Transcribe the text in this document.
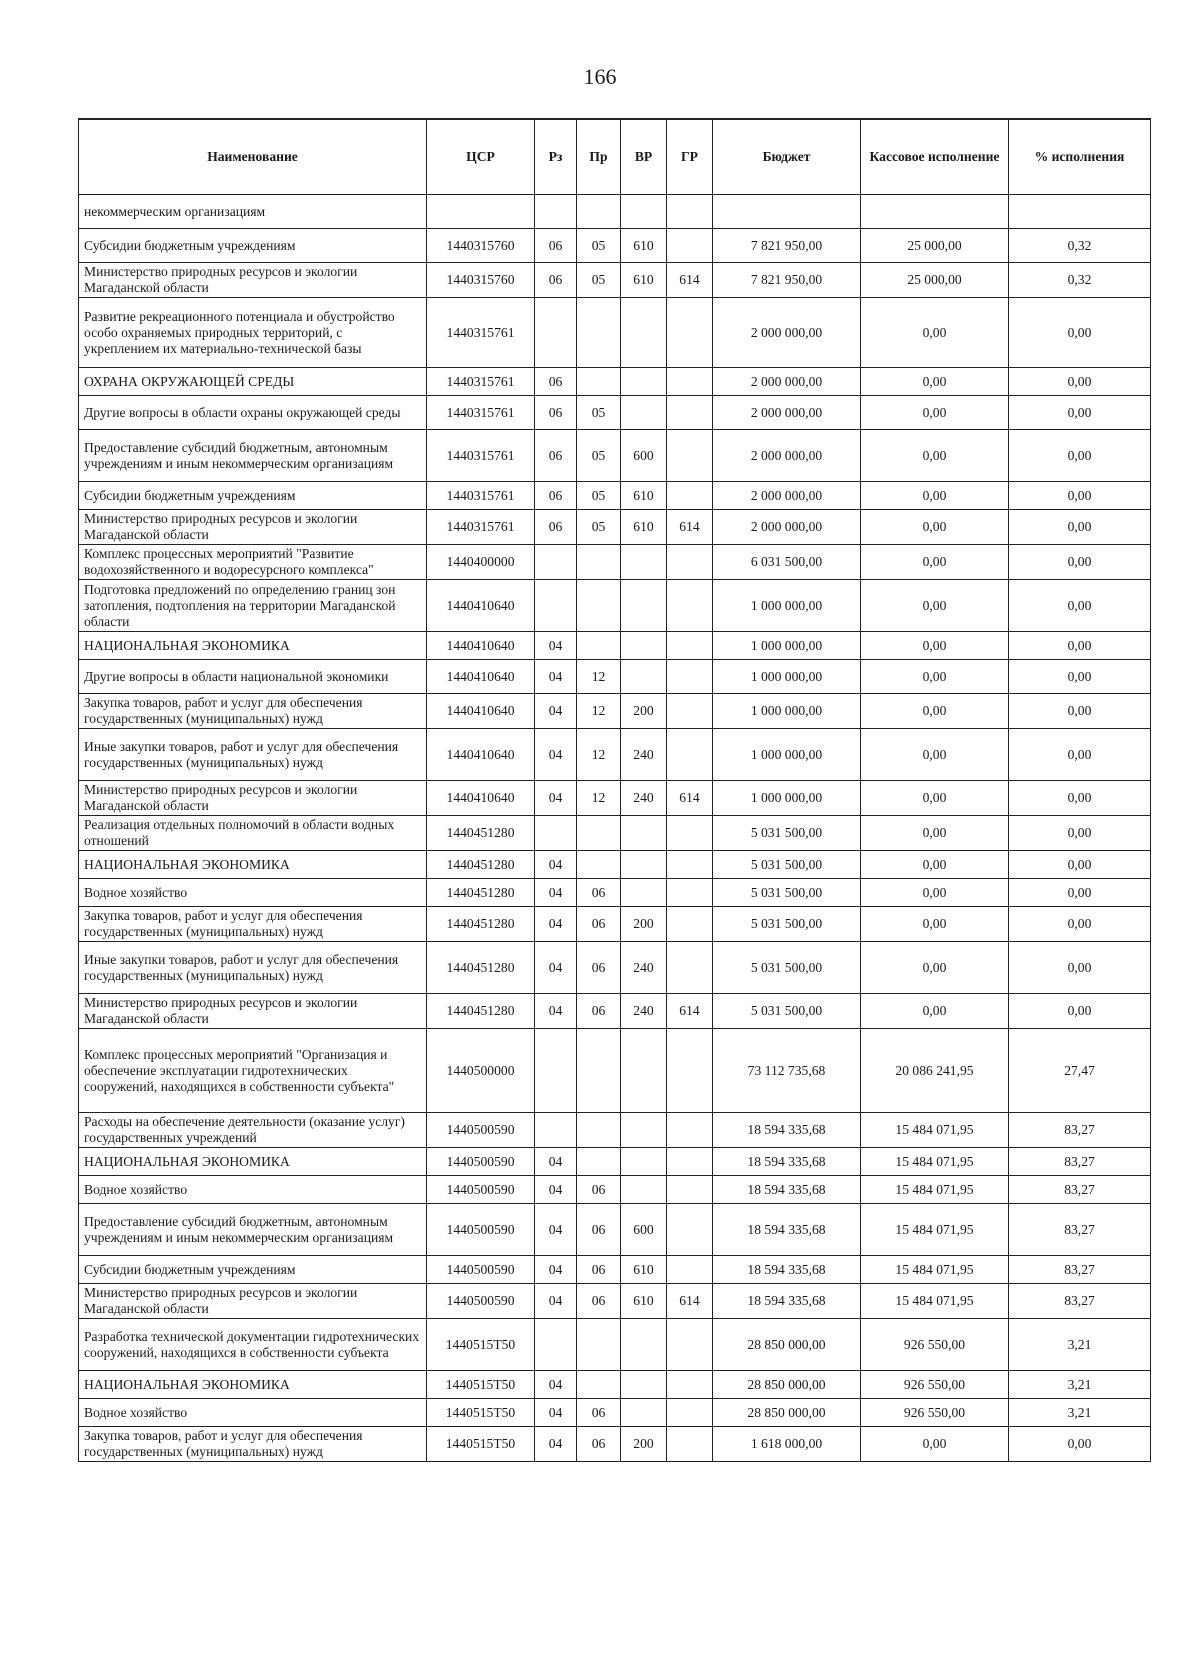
166
Наименование	ЦСР	Рз	Пр	ВР	ГР	Бюджет	Кассовое исполнение	% исполнения
некоммерческим организациям								
Субсидии бюджетным учреждениям	1440315760	06	05	610		7 821 950,00	25 000,00	0,32
Министерство природных ресурсов и экологии Магаданской области	1440315760	06	05	610	614	7 821 950,00	25 000,00	0,32
Развитие рекреационного потенциала и обустройство особо охраняемых природных территорий, с укреплением их материально-технической базы	1440315761					2 000 000,00	0,00	0,00
ОХРАНА ОКРУЖАЮЩЕЙ СРЕДЫ	1440315761	06				2 000 000,00	0,00	0,00
Другие вопросы в области охраны окружающей среды	1440315761	06	05			2 000 000,00	0,00	0,00
Предоставление субсидий бюджетным, автономным учреждениям и иным некоммерческим организациям	1440315761	06	05	600		2 000 000,00	0,00	0,00
Субсидии бюджетным учреждениям	1440315761	06	05	610		2 000 000,00	0,00	0,00
Министерство природных ресурсов и экологии Магаданской области	1440315761	06	05	610	614	2 000 000,00	0,00	0,00
Комплекс процессных мероприятий "Развитие водохозяйственного и водоресурсного комплекса"	1440400000					6 031 500,00	0,00	0,00
Подготовка предложений по определению границ зон затопления, подтопления на территории Магаданской области	1440410640					1 000 000,00	0,00	0,00
НАЦИОНАЛЬНАЯ ЭКОНОМИКА	1440410640	04				1 000 000,00	0,00	0,00
Другие вопросы в области национальной экономики	1440410640	04	12			1 000 000,00	0,00	0,00
Закупка товаров, работ и услуг для обеспечения государственных (муниципальных) нужд	1440410640	04	12	200		1 000 000,00	0,00	0,00
Иные закупки товаров, работ и услуг для обеспечения государственных (муниципальных) нужд	1440410640	04	12	240		1 000 000,00	0,00	0,00
Министерство природных ресурсов и экологии Магаданской области	1440410640	04	12	240	614	1 000 000,00	0,00	0,00
Реализация отдельных полномочий в области водных отношений	1440451280					5 031 500,00	0,00	0,00
НАЦИОНАЛЬНАЯ ЭКОНОМИКА	1440451280	04				5 031 500,00	0,00	0,00
Водное хозяйство	1440451280	04	06			5 031 500,00	0,00	0,00
Закупка товаров, работ и услуг для обеспечения государственных (муниципальных) нужд	1440451280	04	06	200		5 031 500,00	0,00	0,00
Иные закупки товаров, работ и услуг для обеспечения государственных (муниципальных) нужд	1440451280	04	06	240		5 031 500,00	0,00	0,00
Министерство природных ресурсов и экологии Магаданской области	1440451280	04	06	240	614	5 031 500,00	0,00	0,00
Комплекс процессных мероприятий "Организация и обеспечение эксплуатации гидротехнических сооружений, находящихся в собственности субъекта"	1440500000					73 112 735,68	20 086 241,95	27,47
Расходы на обеспечение деятельности (оказание услуг) государственных учреждений	1440500590					18 594 335,68	15 484 071,95	83,27
НАЦИОНАЛЬНАЯ ЭКОНОМИКА	1440500590	04				18 594 335,68	15 484 071,95	83,27
Водное хозяйство	1440500590	04	06			18 594 335,68	15 484 071,95	83,27
Предоставление субсидий бюджетным, автономным учреждениям и иным некоммерческим организациям	1440500590	04	06	600		18 594 335,68	15 484 071,95	83,27
Субсидии бюджетным учреждениям	1440500590	04	06	610		18 594 335,68	15 484 071,95	83,27
Министерство природных ресурсов и экологии Магаданской области	1440500590	04	06	610	614	18 594 335,68	15 484 071,95	83,27
Разработка технической документации гидротехнических сооружений, находящихся в собственности субъекта	1440515Т50					28 850 000,00	926 550,00	3,21
НАЦИОНАЛЬНАЯ ЭКОНОМИКА	1440515Т50	04				28 850 000,00	926 550,00	3,21
Водное хозяйство	1440515Т50	04	06			28 850 000,00	926 550,00	3,21
Закупка товаров, работ и услуг для обеспечения государственных (муниципальных) нужд	1440515Т50	04	06	200		1 618 000,00	0,00	0,00
